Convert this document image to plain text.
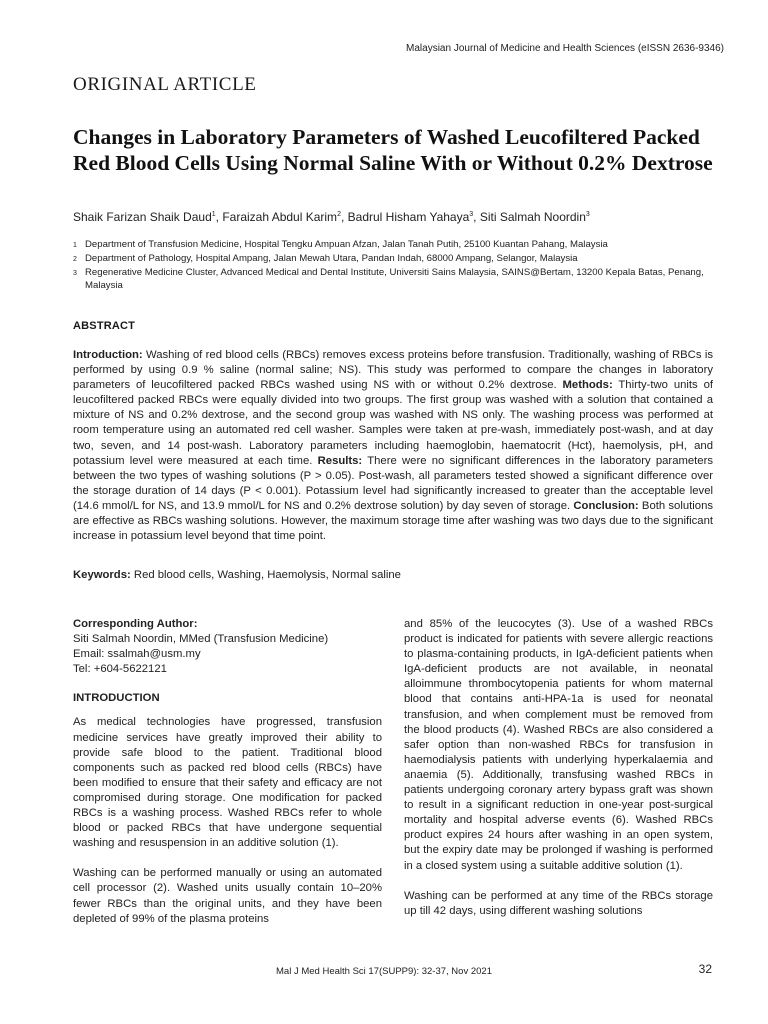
Malaysian Journal of Medicine and Health Sciences (eISSN 2636-9346)
ORIGINAL ARTICLE
Changes in Laboratory Parameters of Washed Leucofiltered Packed Red Blood Cells Using Normal Saline With or Without 0.2% Dextrose
Shaik Farizan Shaik Daud$^1$, Faraizah Abdul Karim$^2$, Badrul Hisham Yahaya$^3$, Siti Salmah Noordin$^3$
1 Department of Transfusion Medicine, Hospital Tengku Ampuan Afzan, Jalan Tanah Putih, 25100 Kuantan Pahang, Malaysia
2 Department of Pathology, Hospital Ampang, Jalan Mewah Utara, Pandan Indah, 68000 Ampang, Selangor, Malaysia
3 Regenerative Medicine Cluster, Advanced Medical and Dental Institute, Universiti Sains Malaysia, SAINS@Bertam, 13200 Kepala Batas, Penang, Malaysia
ABSTRACT
Introduction: Washing of red blood cells (RBCs) removes excess proteins before transfusion. Traditionally, washing of RBCs is performed by using 0.9 % saline (normal saline; NS). This study was performed to compare the changes in laboratory parameters of leucofiltered packed RBCs washed using NS with or without 0.2% dextrose. Methods: Thirty-two units of leucofiltered packed RBCs were equally divided into two groups. The first group was washed with a solution that contained a mixture of NS and 0.2% dextrose, and the second group was washed with NS only. The washing process was performed at room temperature using an automated red cell washer. Samples were taken at pre-wash, immediately post-wash, and at day two, seven, and 14 post-wash. Laboratory parameters including haemoglobin, haematocrit (Hct), haemolysis, pH, and potassium level were measured at each time. Results: There were no significant differences in the laboratory parameters between the two types of washing solutions (P > 0.05). Post-wash, all parameters tested showed a significant difference over the storage duration of 14 days (P < 0.001). Potassium level had significantly increased to greater than the acceptable level (14.6 mmol/L for NS, and 13.9 mmol/L for NS and 0.2% dextrose solution) by day seven of storage. Conclusion: Both solutions are effective as RBCs washing solutions. However, the maximum storage time after washing was two days due to the significant increase in potassium level beyond that time point.
Keywords: Red blood cells, Washing, Haemolysis, Normal saline

Corresponding Author:

Siti Salmah Noordin, MMed (Transfusion Medicine)

Email: ssalmah@usm.my

Tel: +604-5622121

INTRODUCTION

As medical technologies have progressed, transfusion medicine services have greatly improved their ability to provide safe blood to the patient. Traditional blood components such as packed red blood cells (RBCs) have been modified to ensure that their safety and efficacy are not compromised during storage. One modification for packed RBCs is a washing process. Washed RBCs refer to whole blood or packed RBCs that have undergone sequential washing and resuspension in an additive solution (1).

Washing can be performed manually or using an automated cell processor (2). Washed units usually contain 10–20% fewer RBCs than the original units, and they have been depleted of 99% of the plasma proteins

and 85% of the leucocytes (3). Use of a washed RBCs product is indicated for patients with severe allergic reactions to plasma-containing products, in IgA-deficient patients when IgA-deficient products are not available, in neonatal alloimmune thrombocytopenia patients for whom maternal blood that contains anti-HPA-1a is used for neonatal transfusion, and when complement must be removed from the blood products (4). Washed RBCs are also considered a safer option than non-washed RBCs for transfusion in haemodialysis patients with underlying hyperkalaemia and anaemia (5). Additionally, transfusing washed RBCs in patients undergoing coronary artery bypass graft was shown to result in a significant reduction in one-year post-surgical mortality and hospital adverse events (6). Washed RBCs product expires 24 hours after washing in an open system, but the expiry date may be prolonged if washing is performed in a closed system using a suitable additive solution (1).

Washing can be performed at any time of the RBCs storage up till 42 days, using different washing solutions

Mal J Med Health Sci 17(SUPP9): 32-37, Nov 2021	32
